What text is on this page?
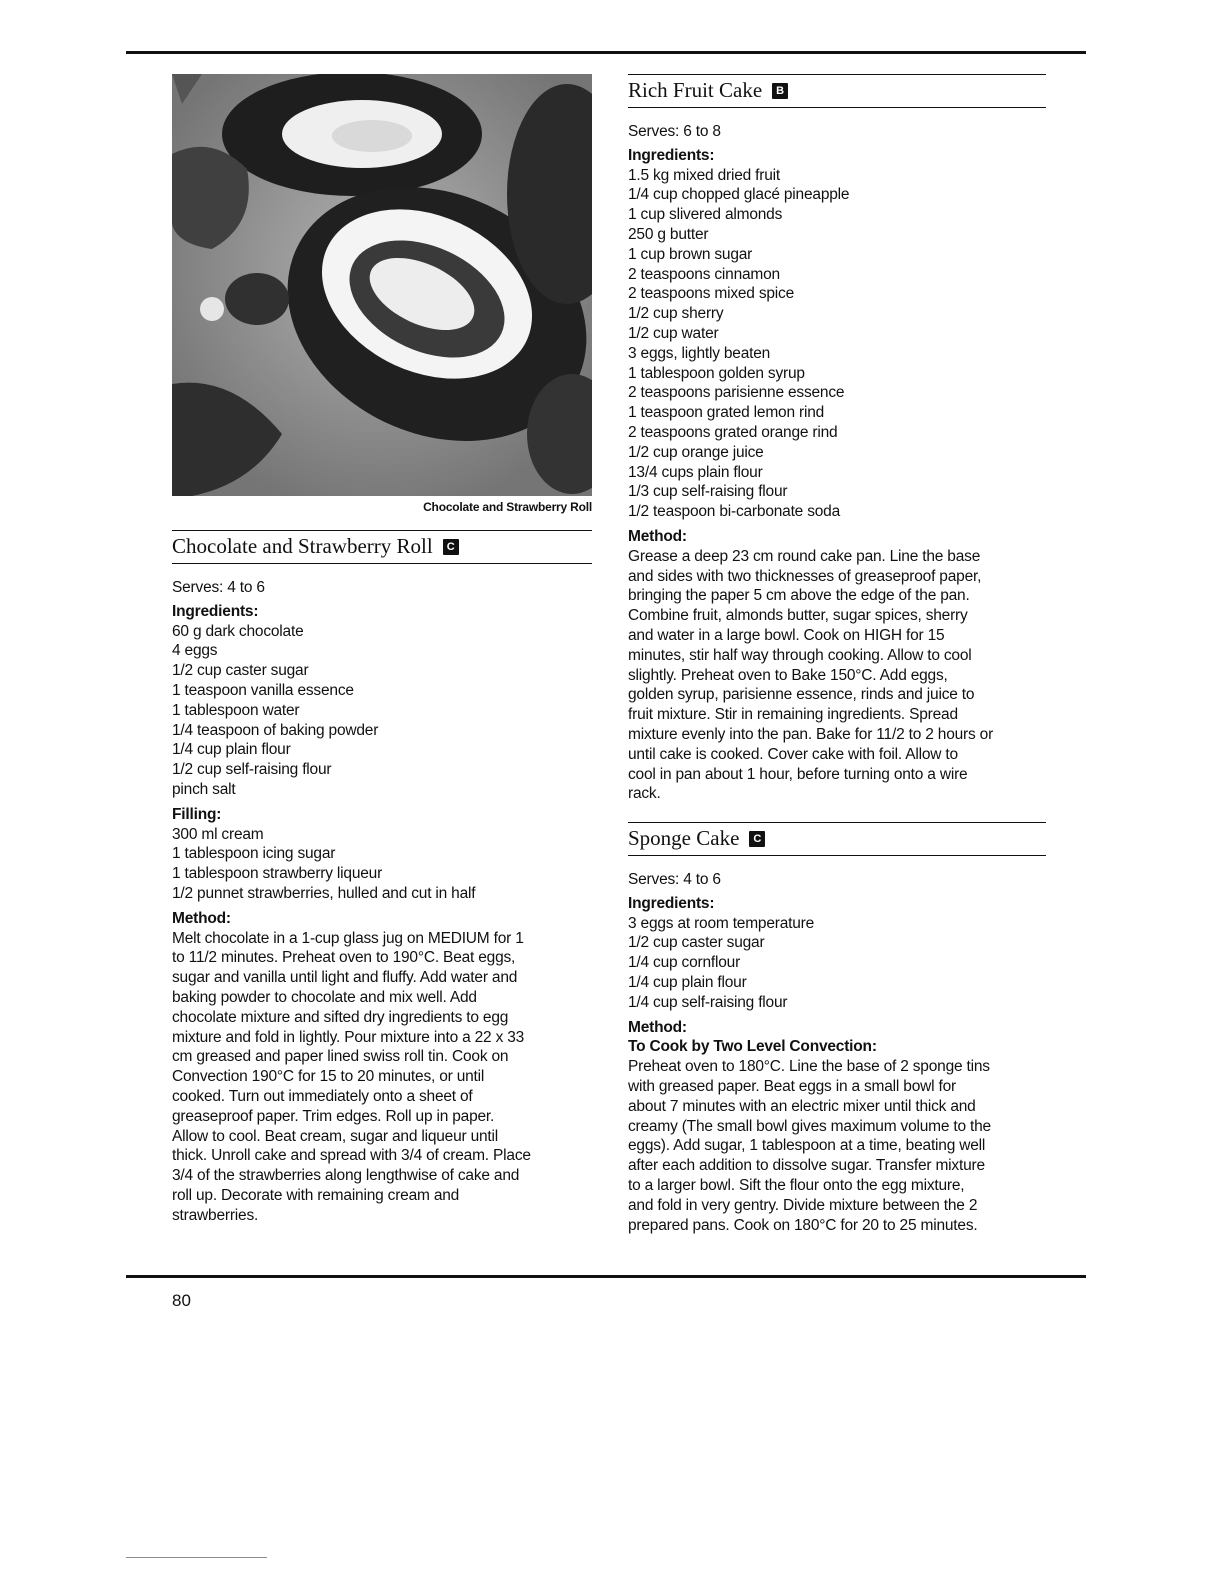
Chocolate and Strawberry Roll
Chocolate and Strawberry Roll	C
Serves: 4 to 6
Ingredients:
60 g dark chocolate
4 eggs
1/2 cup caster sugar
1 teaspoon vanilla essence
1 tablespoon water
1/4 teaspoon of baking powder
1/4 cup plain flour
1/2 cup self-raising flour
pinch salt
Filling:
300 ml cream
1 tablespoon icing sugar
1 tablespoon strawberry liqueur
1/2 punnet strawberries, hulled and cut in half
Method:
Melt chocolate in a 1-cup glass jug on MEDIUM for 1
to 11/2 minutes. Preheat oven to 190°C. Beat eggs,
sugar and vanilla until light and fluffy. Add water and
baking powder to chocolate and mix well. Add
chocolate mixture and sifted dry ingredients to egg
mixture and fold in lightly. Pour mixture into a 22 x 33
cm greased and paper lined swiss roll tin. Cook on
Convection 190°C for 15 to 20 minutes, or until
cooked. Turn out immediately onto a sheet of
greaseproof paper. Trim edges. Roll up in paper.
Allow to cool. Beat cream, sugar and liqueur until
thick. Unroll cake and spread with 3/4 of cream. Place
3/4 of the strawberries along lengthwise of cake and
roll up. Decorate with remaining cream and
strawberries.
Rich Fruit Cake	B
Serves: 6 to 8
Ingredients:
1.5 kg mixed dried fruit
1/4 cup chopped glacé pineapple
1 cup slivered almonds
250 g butter
1 cup brown sugar
2 teaspoons cinnamon
2 teaspoons mixed spice
1/2 cup sherry
1/2 cup water
3 eggs, lightly beaten
1 tablespoon golden syrup
2 teaspoons parisienne essence
1 teaspoon grated lemon rind
2 teaspoons grated orange rind
1/2 cup orange juice
13/4 cups plain flour
1/3 cup self-raising flour
1/2 teaspoon bi-carbonate soda
Method:
Grease a deep 23 cm round cake pan. Line the base
and sides with two thicknesses of greaseproof paper,
bringing the paper 5 cm above the edge of the pan.
Combine fruit, almonds butter, sugar spices, sherry
and water in a large bowl. Cook on HIGH for 15
minutes, stir half way through cooking. Allow to cool
slightly. Preheat oven to Bake 150°C. Add eggs,
golden syrup, parisienne essence, rinds and juice to
fruit mixture. Stir in remaining ingredients. Spread
mixture evenly into the pan. Bake for 11/2 to 2 hours or
until cake is cooked. Cover cake with foil. Allow to
cool in pan about 1 hour, before turning onto a wire
rack.
Sponge Cake	C
Serves: 4 to 6
Ingredients:
3 eggs at room temperature
1/2 cup caster sugar
1/4 cup cornflour
1/4 cup plain flour
1/4 cup self-raising flour
Method:
To Cook by Two Level Convection:
Preheat oven to 180°C. Line the base of 2 sponge tins
with greased paper. Beat eggs in a small bowl for
about 7 minutes with an electric mixer until thick and
creamy (The small bowl gives maximum volume to the
eggs). Add sugar, 1 tablespoon at a time, beating well
after each addition to dissolve sugar. Transfer mixture
to a larger bowl. Sift the flour onto the egg mixture,
and fold in very gentry. Divide mixture between the 2
prepared pans. Cook on 180°C for 20 to 25 minutes.
80
